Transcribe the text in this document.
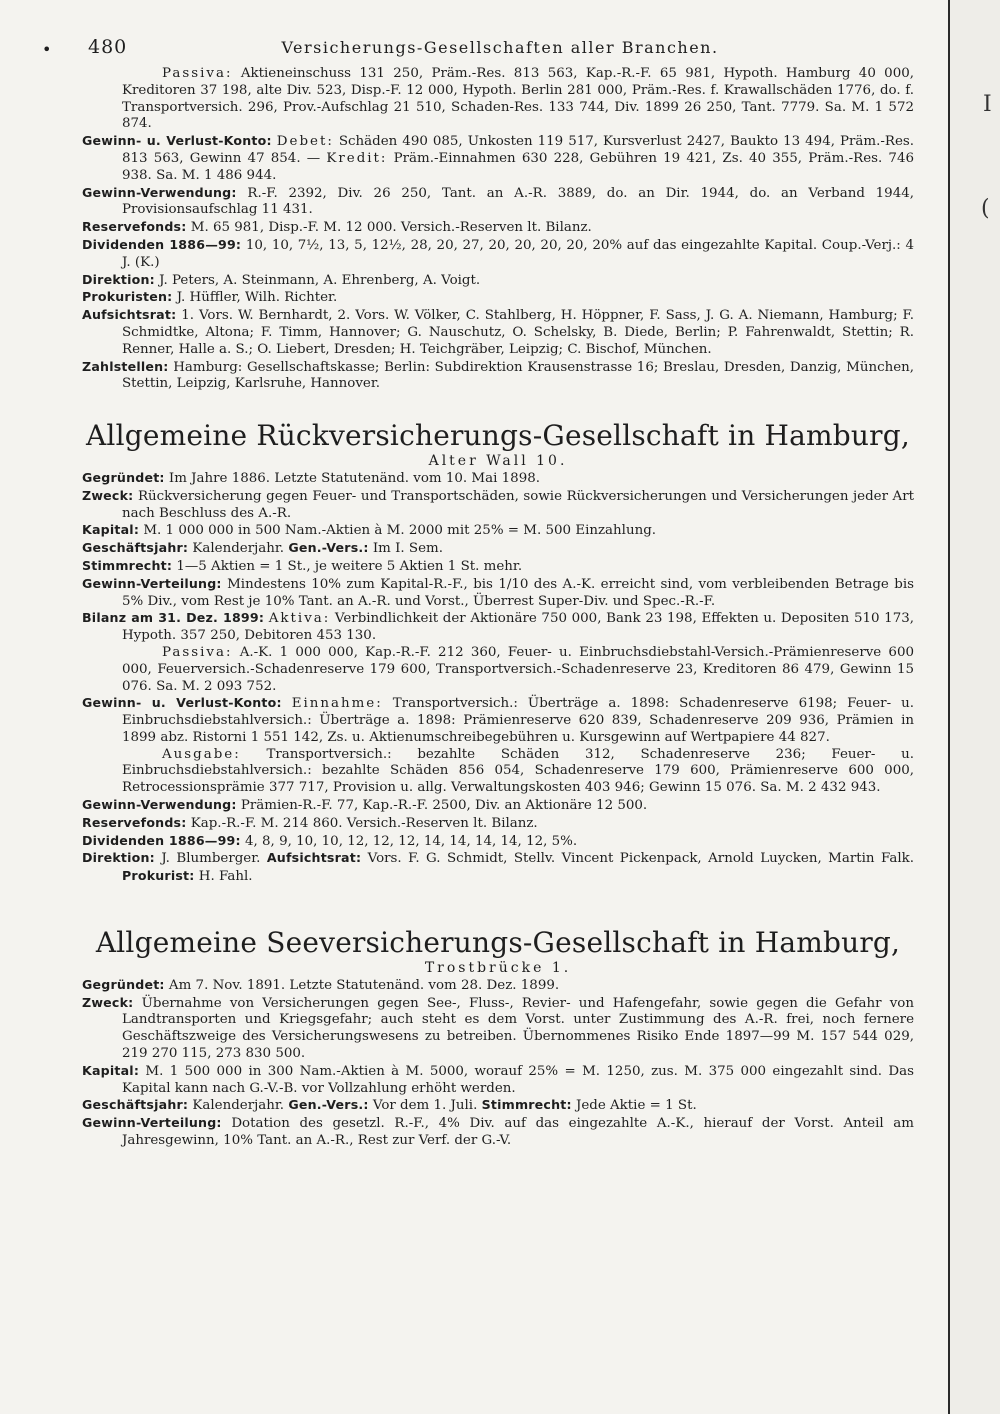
• 480	Versicherungs-Gesellschaften aller Branchen.

Passiva: Aktieneinschuss 131 250, Präm.-Res. 813 563, Kap.-R.-F. 65 981, Hypoth. Hamburg 40 000, Kreditoren 37 198, alte Div. 523, Disp.-F. 12 000, Hypoth. Berlin 281 000, Präm.-Res. f. Krawallschäden 1776, do. f. Transportversich. 296, Prov.-Aufschlag 21 510, Schaden-Res. 133 744, Div. 1899 26 250, Tant. 7779. Sa. M. 1 572 874.

Gewinn- u. Verlust-Konto: Debet: Schäden 490 085, Unkosten 119 517, Kursverlust 2427, Baukto 13 494, Präm.-Res. 813 563, Gewinn 47 854. — Kredit: Präm.-Einnahmen 630 228, Gebühren 19 421, Zs. 40 355, Präm.-Res. 746 938. Sa. M. 1 486 944.

Gewinn-Verwendung: R.-F. 2392, Div. 26 250, Tant. an A.-R. 3889, do. an Dir. 1944, do. an Verband 1944, Provisionsaufschlag 11 431.

Reservefonds: M. 65 981, Disp.-F. M. 12 000. Versich.-Reserven lt. Bilanz.

Dividenden 1886—99: 10, 10, 7½, 13, 5, 12½, 28, 20, 27, 20, 20, 20, 20, 20% auf das eingezahlte Kapital. Coup.-Verj.: 4 J. (K.)

Direktion: J. Peters, A. Steinmann, A. Ehrenberg, A. Voigt.

Prokuristen: J. Hüffler, Wilh. Richter.

Aufsichtsrat: 1. Vors. W. Bernhardt, 2. Vors. W. Völker, C. Stahlberg, H. Höppner, F. Sass, J. G. A. Niemann, Hamburg; F. Schmidtke, Altona; F. Timm, Hannover; G. Nauschutz, O. Schelsky, B. Diede, Berlin; P. Fahrenwaldt, Stettin; R. Renner, Halle a. S.; O. Liebert, Dresden; H. Teichgräber, Leipzig; C. Bischof, München.

Zahlstellen: Hamburg: Gesellschaftskasse; Berlin: Subdirektion Krausenstrasse 16; Breslau, Dresden, Danzig, München, Stettin, Leipzig, Karlsruhe, Hannover.

Allgemeine Rückversicherungs-Gesellschaft in Hamburg,

Alter Wall 10.

Gegründet: Im Jahre 1886. Letzte Statutenänd. vom 10. Mai 1898.

Zweck: Rückversicherung gegen Feuer- und Transportschäden, sowie Rückversicherungen und Versicherungen jeder Art nach Beschluss des A.-R.

Kapital: M. 1 000 000 in 500 Nam.-Aktien à M. 2000 mit 25% = M. 500 Einzahlung.

Geschäftsjahr: Kalenderjahr. Gen.-Vers.: Im I. Sem.

Stimmrecht: 1—5 Aktien = 1 St., je weitere 5 Aktien 1 St. mehr.

Gewinn-Verteilung: Mindestens 10% zum Kapital-R.-F., bis 1/10 des A.-K. erreicht sind, vom verbleibenden Betrage bis 5% Div., vom Rest je 10% Tant. an A.-R. und Vorst., Überrest Super-Div. und Spec.-R.-F.

Bilanz am 31. Dez. 1899: Aktiva: Verbindlichkeit der Aktionäre 750 000, Bank 23 198, Effekten u. Depositen 510 173, Hypoth. 357 250, Debitoren 453 130.

Passiva: A.-K. 1 000 000, Kap.-R.-F. 212 360, Feuer- u. Einbruchsdiebstahl-Versich.-Prämienreserve 600 000, Feuerversich.-Schadenreserve 179 600, Transportversich.-Schadenreserve 23, Kreditoren 86 479, Gewinn 15 076. Sa. M. 2 093 752.

Gewinn- u. Verlust-Konto: Einnahme: Transportversich.: Überträge a. 1898: Schadenreserve 6198; Feuer- u. Einbruchsdiebstahlversich.: Überträge a. 1898: Prämienreserve 620 839, Schadenreserve 209 936, Prämien in 1899 abz. Ristorni 1 551 142, Zs. u. Aktienumschreibegebühren u. Kursgewinn auf Wertpapiere 44 827.

Ausgabe: Transportversich.: bezahlte Schäden 312, Schadenreserve 236; Feuer- u. Einbruchsdiebstahlversich.: bezahlte Schäden 856 054, Schadenreserve 179 600, Prämienreserve 600 000, Retrocessionsprämie 377 717, Provision u. allg. Verwaltungskosten 403 946; Gewinn 15 076. Sa. M. 2 432 943.

Gewinn-Verwendung: Prämien-R.-F. 77, Kap.-R.-F. 2500, Div. an Aktionäre 12 500.

Reservefonds: Kap.-R.-F. M. 214 860. Versich.-Reserven lt. Bilanz.

Dividenden 1886—99: 4, 8, 9, 10, 10, 12, 12, 12, 14, 14, 14, 14, 12, 5%.

Direktion: J. Blumberger. Aufsichtsrat: Vors. F. G. Schmidt, Stellv. Vincent Pickenpack, Arnold Luycken, Martin Falk. Prokurist: H. Fahl.

Allgemeine Seeversicherungs-Gesellschaft in Hamburg,

Trostbrücke 1.

Gegründet: Am 7. Nov. 1891. Letzte Statutenänd. vom 28. Dez. 1899.

Zweck: Übernahme von Versicherungen gegen See-, Fluss-, Revier- und Hafengefahr, sowie gegen die Gefahr von Landtransporten und Kriegsgefahr; auch steht es dem Vorst. unter Zustimmung des A.-R. frei, noch fernere Geschäftszweige des Versicherungswesens zu betreiben. Übernommenes Risiko Ende 1897—99 M. 157 544 029, 219 270 115, 273 830 500.

Kapital: M. 1 500 000 in 300 Nam.-Aktien à M. 5000, worauf 25% = M. 1250, zus. M. 375 000 eingezahlt sind. Das Kapital kann nach G.-V.-B. vor Vollzahlung erhöht werden.

Geschäftsjahr: Kalenderjahr. Gen.-Vers.: Vor dem 1. Juli. Stimmrecht: Jede Aktie = 1 St.

Gewinn-Verteilung: Dotation des gesetzl. R.-F., 4% Div. auf das eingezahlte A.-K., hierauf der Vorst. Anteil am Jahresgewinn, 10% Tant. an A.-R., Rest zur Verf. der G.-V.

I
(
